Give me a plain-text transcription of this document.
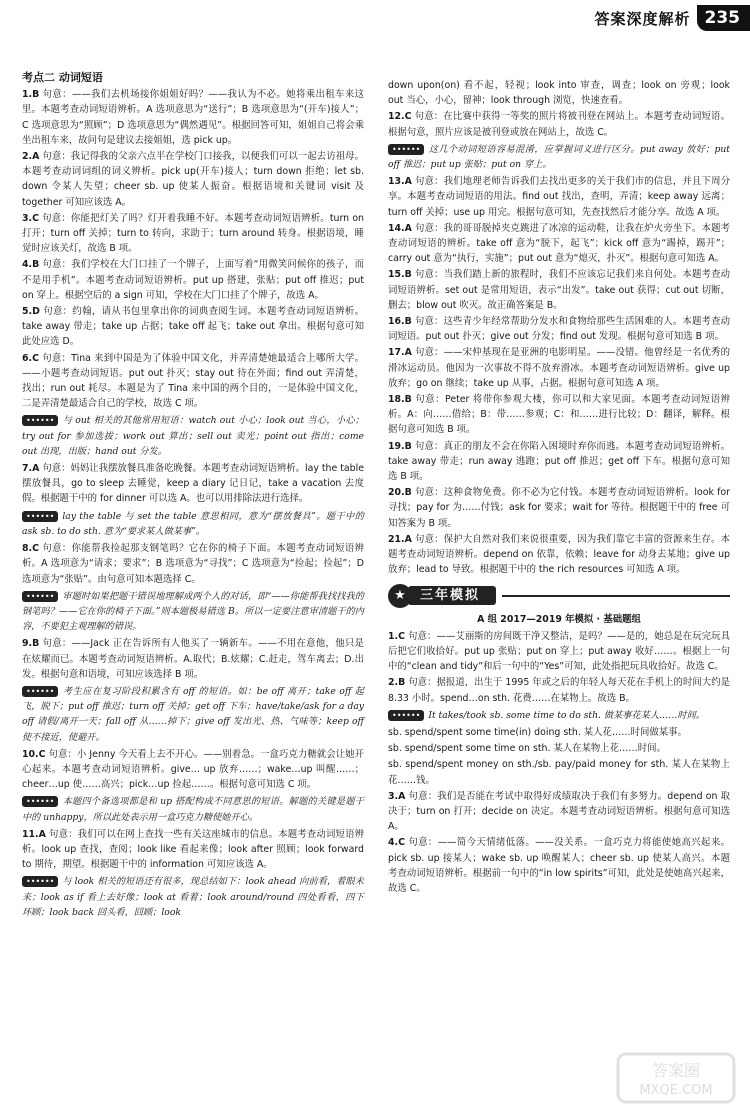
答案深度解析 235
考点二 动词短语
1.B 句意：——我们去机场接你姐姐好吗？——我认为不必。她将乘出租车来这里。本题考查动词短语辨析。A 选项意思为“送行”；B 选项意思为“(开车)接人”；C 选项意思为“照顾”；D 选项意思为“偶然遇见”。根据回答可知，姐姐自己将会乘坐出租车来，故问句是建议去接姐姐，选 pick up。
2.A 句意：我记得我的父亲六点半在学校门口接我，以便我们可以一起去访祖母。本题考查动词词组的词义辨析。pick up(开车)接人；turn down 拒绝；let sb. down 令某人失望；cheer sb. up 使某人振奋。根据语境和关键词 visit 及 together 可知应该选 A。
3.C 句意：你能把灯关了吗？灯开着我睡不好。本题考查动词短语辨析。turn on 打开；turn off 关掉；turn to 转向，求助于；turn around 转身。根据语境，睡觉时应该关灯，故选 B 项。
4.B 句意：我们学校在大门口挂了一个牌子，上面写着“用微笑问候你的孩子，而不是用手机”。本题考查动词短语辨析。put up 搭建，张贴；put off 推迟；put on 穿上。根据空后的 a sign 可知，学校在大门口挂了个牌子，故选 A。
5.D 句意：约翰，请从书包里拿出你的词典查阅生词。本题考查动词短语辨析。take away 带走；take up 占据；take off 起飞；take out 拿出。根据句意可知此处应选 D。
6.C 句意：Tina 来到中国是为了体验中国文化，并弄清楚她最适合上哪所大学。——小题考查动词短语。put out 扑灭；stay out 待在外面；find out 弄清楚，找出；run out 耗尽。本题是为了 Tina 来中国的两个目的，一是体验中国文化，二是弄清楚最适合自己的学校，故选 C 项。
•••••• 与 out 相关的其他常用短语：watch out 小心；look out 当心，小心；try out for 参加选拔；work out 算出；sell out 卖光；point out 指出；come out 出现，出版；hand out 分发。
7.A 句意：妈妈让我摆放餐具准备吃晚餐。本题考查动词短语辨析。lay the table 摆放餐具，go to sleep 去睡觉，keep a diary 记日记，take a vacation 去度假。根据题干中的 for dinner 可以选 A。也可以用排除法进行选择。
•••••• lay the table 与 set the table 意思相同，意为“摆放餐具”。题干中的 ask sb. to do sth. 意为“要求某人做某事”。
8.C 句意：你能帮我捡起那支钢笔吗？它在你的椅子下面。本题考查动词短语辨析。A 选项意为“请求；要求”；B 选项意为“寻找”；C 选项意为“捡起；捡起”；D 选项意为“张贴”。由句意可知本题选择 C。
•••••• 审题时如果把题干错误地理解成两个人的对话，即“——你能帮我找找我的钢笔吗？——它在你的椅子下面。”则本题极易错选 B。所以一定要注意审清题干的内容，不要犯主观理解的错误。
9.B 句意：——Jack 正在告诉所有人他买了一辆新车。——不用在意他，他只是在炫耀而已。本题考查动词短语辨析。A.取代；B.炫耀；C.赶走，驾车离去；D.出发。根据句意和语境，可知应该选择 B 项。
•••••• 考生应在复习阶段积累含有 off 的短语。如：be off 离开；take off 起飞，脱下；put off 推迟；turn off 关掉；get off 下车；have/take/ask for a day off 请假/离开一天；fall off 从……掉下；give off 发出光、热、气味等；keep off 使不接近，使避开。
10.C 句意：小 Jenny 今天看上去不开心。——别着急。一盒巧克力糖就会让她开心起来。本题考查动词短语辨析。give… up 放弃……；wake…up 叫醒……；cheer…up 使……高兴；pick…up 捡起……。根据句意可知选 C 项。
•••••• 本题四个备选项都是和 up 搭配构成不同意思的短语。解题的关键是题干中的 unhappy，所以此处表示用一盒巧克力糖使她开心。
11.A 句意：我们可以在网上查找一些有关这座城市的信息。本题考查动词短语辨析。look up 查找，查阅；look like 看起来像；look after 照顾；look forward to 期待，期望。根据题干中的 information 可知应该选 A。
•••••• 与 look 相关的短语还有很多，现总结如下：look ahead 向前看，着眼未来；look as if 看上去好像；look at 看着；look around/round 四处看看，四下环顾；look back 回头看，回顾；look
down upon(on) 看不起，轻视；look into 审查，调查；look on 旁观；look out 当心，小心，留神；look through 浏览，快速查看。
12.C 句意：在比赛中获得一等奖的照片将被刊登在网站上。本题考查动词短语。根据句意，照片应该是被刊登或放在网站上，故选 C。
•••••• 这几个动词短语容易混淆，应掌握词义进行区分。put away 放好；put off 推迟；put up 张贴；put on 穿上。
13.A 句意：我们地理老师告诉我们去找出更多的关于我们市的信息，并且下周分享。本题考查动词短语的用法。find out 找出，查明，弄清；keep away 远离；turn off 关掉；use up 用完。根据句意可知，先查找然后才能分享。故选 A 项。
14.A 句意：我的哥哥脱掉夹克跳进了冰凉的运动鞋，让我在炉火旁坐下。本题考查动词短语的辨析。take off 意为“脱下，起飞”；kick off 意为“踢掉，踢开”；carry out 意为“执行，实施”；put out 意为“熄灭，扑灭”。根据句意可知选 A。
15.B 句意：当我们踏上新的旅程时，我们不应该忘记我们来自何处。本题考查动词短语辨析。set out 是常用短语，表示“出发”。take out 获得；cut out 切断，删去；blow out 吹灭。故正确答案是 B。
16.B 句意：这些青少年经常帮助分发水和食物给那些生活困难的人。本题考查动词短语。put out 扑灭；give out 分发；find out 发现。根据句意可知选 B 项。
17.A 句意：——宋仲基现在是亚洲的电影明星。——没错。他曾经是一名优秀的滑冰运动员。他因为一次事故不得不放弃滑冰。本题考查动词短语辨析。give up 放弃；go on 继续；take up 从事，占据。根据句意可知选 A 项。
18.B 句意：Peter 将带你参观大楼，你可以和大家见面。本题考查动词短语辨析。A：向……借给；B：带……参观；C：和……进行比较；D：翻译，解释。根据句意可知选 B 项。
19.B 句意：真正的朋友不会在你陷入困境时弃你而逃。本题考查动词短语辨析。take away 带走；run away 逃跑；put off 推迟；get off 下车。根据句意可知选 B 项。
20.B 句意：这种食物免费。你不必为它付钱。本题考查动词短语辨析。look for 寻找；pay for 为……付钱；ask for 要求；wait for 等待。根据题干中的 free 可知答案为 B 项。
21.A 句意：保护大自然对我们来说很重要，因为我们靠它丰富的资源来生存。本题考查动词短语辨析。depend on 依靠，依赖；leave for 动身去某地；give up 放弃；lead to 导致。根据题干中的 the rich resources 可知选 A 项。
★	三年模拟
A 组 2017—2019 年模拟 · 基础题组
1.C 句意：——艾丽斯的房间既干净又整洁，是吗？——是的，她总是在玩完玩具后把它们收拾好。put up 张贴；put on 穿上；put away 收好……。根据上一句中的“clean and tidy”和后一句中的“Yes”可知，此处指把玩具收拾好。故选 C。
2.B 句意：据报道，出生于 1995 年或之后的年轻人每天花在手机上的时间大约是 8.33 小时。spend…on sth. 花费……在某物上。故选 B。
•••••• It takes/took sb. some time to do sth. 做某事花某人……时间。
sb. spend/spent some time(in) doing sth. 某人花……时间做某事。
sb. spend/spent some time on sth. 某人在某物上花……时间。
sb. spend/spent money on sth./sb. pay/paid money for sth. 某人在某物上花……钱。
3.A 句意：我们是否能在考试中取得好成绩取决于我们有多努力。depend on 取决于；turn on 打开；decide on 决定。本题考查动词短语辨析。根据句意可知选 A。
4.C 句意：——简今天情绪低落。——没关系。一盒巧克力将能使她高兴起来。pick sb. up 接某人；wake sb. up 唤醒某人；cheer sb. up 使某人高兴。本题考查动词短语辨析。根据前一句中的“in low spirits”可知，此处是使她高兴起来，故选 C。
答案圈
MXQE.COM
